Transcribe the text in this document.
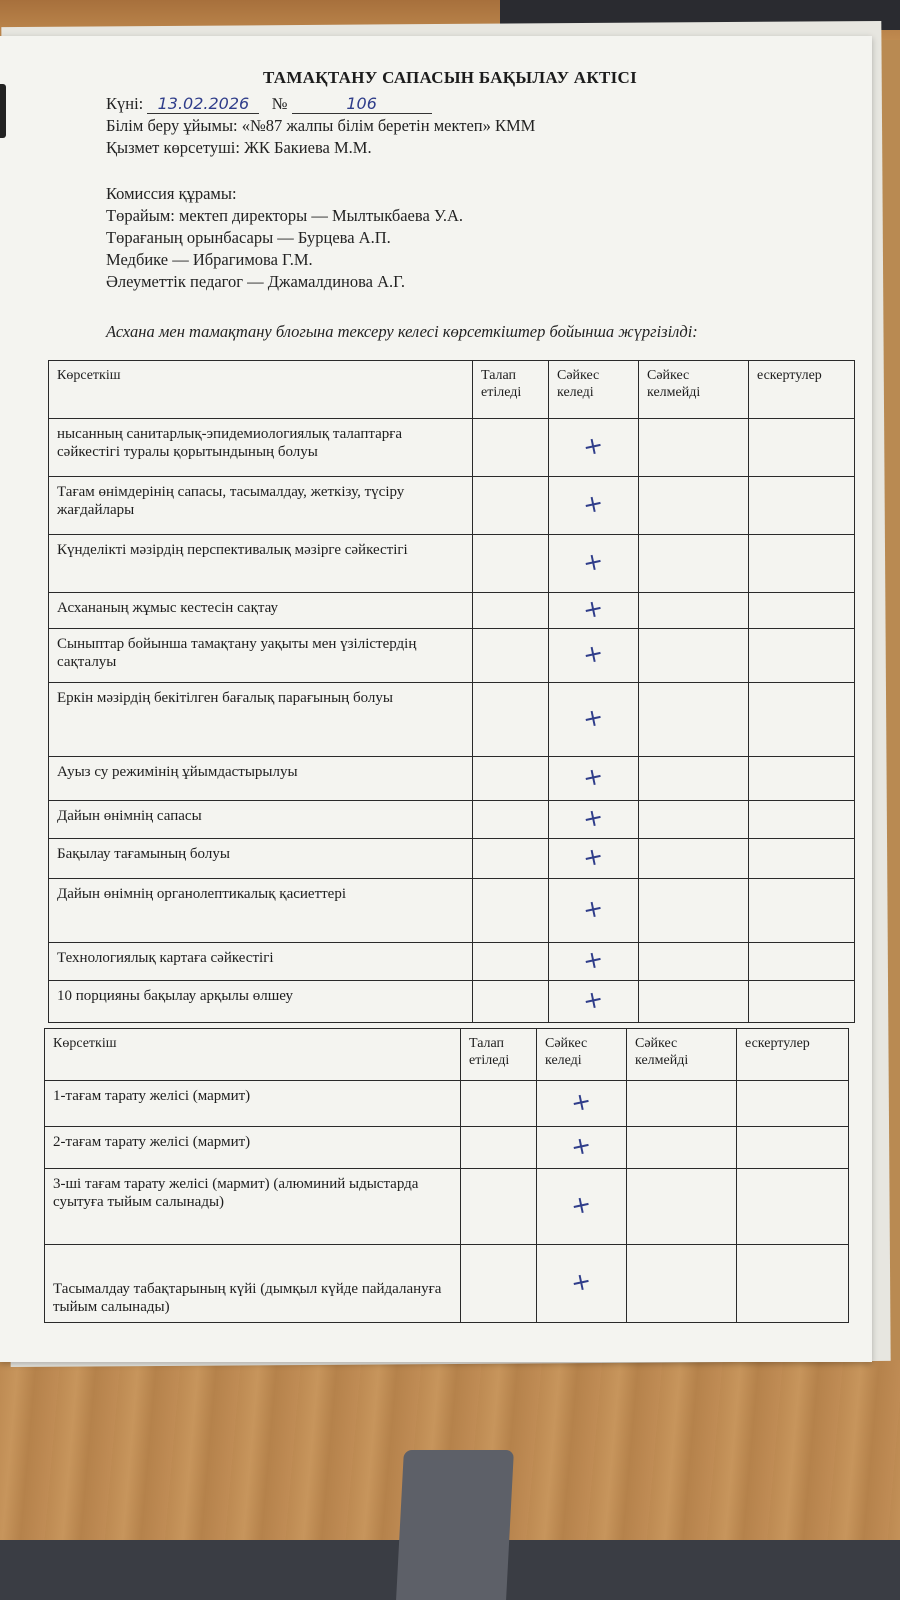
ТАМАҚТАНУ САПАСЫН БАҚЫЛАУ АКТІСІ
Күні: 13.02.2026 №	106
Білім беру ұйымы: «№87 жалпы білім беретін мектеп» КММ
Қызмет көрсетуші: ЖК Бакиева М.М.
Комиссия құрамы:
Төрайым: мектеп директоры — Мылтыкбаева У.А.
Төрағаның орынбасары — Бурцева А.П.
Медбике — Ибрагимова Г.М.
Әлеуметтік педагог — Джамалдинова А.Г.
Асхана мен тамақтану блогына тексеру келесі көрсеткіштер бойынша жүргізілді:
Көрсеткіш	Талап етіледі	Сәйкес келеді	Сәйкес келмейді	ескертулер
нысанның санитарлық-эпидемиологиялық талаптарға сәйкестігі туралы қорытындының болуы		+		
Тағам өнімдерінің сапасы, тасымалдау, жеткізу, түсіру жағдайлары		+		
Күнделікті мәзірдің перспективалық мәзірге сәйкестігі		+		
Асхананың жұмыс кестесін сақтау		+		
Сыныптар бойынша тамақтану уақыты мен үзілістердің сақталуы		+		
Еркін мәзірдің бекітілген бағалық парағының болуы		+		
Ауыз су режимінің ұйымдастырылуы		+		
Дайын өнімнің сапасы		+		
Бақылау тағамының болуы		+		
Дайын өнімнің органолептикалық қасиеттері		+		
Технологиялық картаға сәйкестігі		+		
10 порцияны бақылау арқылы өлшеу		+		
Көрсеткіш	Талап етіледі	Сәйкес келеді	Сәйкес келмейді	ескертулер
1-тағам тарату желісі (мармит)		+		
2-тағам тарату желісі (мармит)		+		
3-ші тағам тарату желісі (мармит) (алюминий ыдыстарда суытуға тыйым салынады)		+		
Тасымалдау табақтарының күйі (дымқыл күйде пайдалануға тыйым салынады)		+		
